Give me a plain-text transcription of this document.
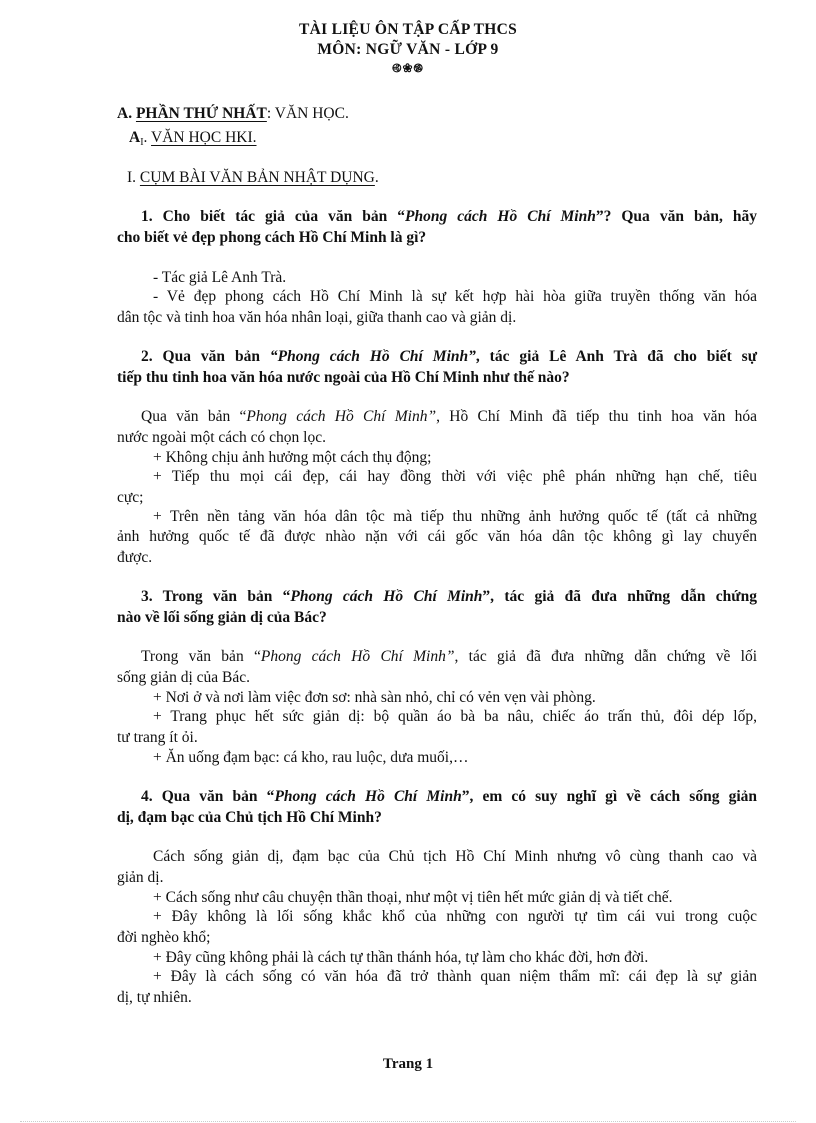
TÀI LIỆU ÔN TẬP CẤP THCS
MÔN: NGỮ VĂN - LỚP 9
࿋❀࿌
A. PHẦN THỨ NHẤT: VĂN HỌC.
$A_I$. VĂN HỌC HKI.
I. CỤM BÀI VĂN BẢN NHẬT DỤNG.
1. Cho biết tác giả của văn bản “Phong cách Hồ Chí Minh”? Qua văn bản, hãy
cho biết vẻ đẹp phong cách Hồ Chí Minh là gì?
- Tác giả Lê Anh Trà.
- Vẻ đẹp phong cách Hồ Chí Minh là sự kết hợp hài hòa giữa truyền thống văn hóa
dân tộc và tinh hoa văn hóa nhân loại, giữa thanh cao và giản dị.
2. Qua văn bản “Phong cách Hồ Chí Minh”, tác giả Lê Anh Trà đã cho biết sự
tiếp thu tinh hoa văn hóa nước ngoài của Hồ Chí Minh như thế nào?
Qua văn bản “Phong cách Hồ Chí Minh”, Hồ Chí Minh đã tiếp thu tinh hoa văn hóa
nước ngoài một cách có chọn lọc.
+ Không chịu ảnh hưởng một cách thụ động;
+ Tiếp thu mọi cái đẹp, cái hay đồng thời với việc phê phán những hạn chế, tiêu
cực;
+ Trên nền tảng văn hóa dân tộc mà tiếp thu những ảnh hưởng quốc tế (tất cả những
ảnh hưởng quốc tế đã được nhào nặn với cái gốc văn hóa dân tộc không gì lay chuyển
được.
3. Trong văn bản “Phong cách Hồ Chí Minh”, tác giả đã đưa những dẫn chứng
nào về lối sống giản dị của Bác?
Trong văn bản “Phong cách Hồ Chí Minh”, tác giả đã đưa những dẫn chứng về lối
sống giản dị của Bác.
+ Nơi ở và nơi làm việc đơn sơ: nhà sàn nhỏ, chỉ có vẻn vẹn vài phòng.
+ Trang phục hết sức giản dị: bộ quần áo bà ba nâu, chiếc áo trấn thủ, đôi dép lốp,
tư trang ít ỏi.
+ Ăn uống đạm bạc: cá kho, rau luộc, dưa muối,…
4. Qua văn bản “Phong cách Hồ Chí Minh”, em có suy nghĩ gì về cách sống giản
dị, đạm bạc của Chủ tịch Hồ Chí Minh?
Cách sống giản dị, đạm bạc của Chủ tịch Hồ Chí Minh nhưng vô cùng thanh cao và
giản dị.
+ Cách sống như câu chuyện thần thoại, như một vị tiên hết mức giản dị và tiết chế.
+ Đây không là lối sống khắc khổ của những con người tự tìm cái vui trong cuộc
đời nghèo khổ;
+ Đây cũng không phải là cách tự thần thánh hóa, tự làm cho khác đời, hơn đời.
+ Đây là cách sống có văn hóa đã trở thành quan niệm thẩm mĩ: cái đẹp là sự giản
dị, tự nhiên.
Trang 1
